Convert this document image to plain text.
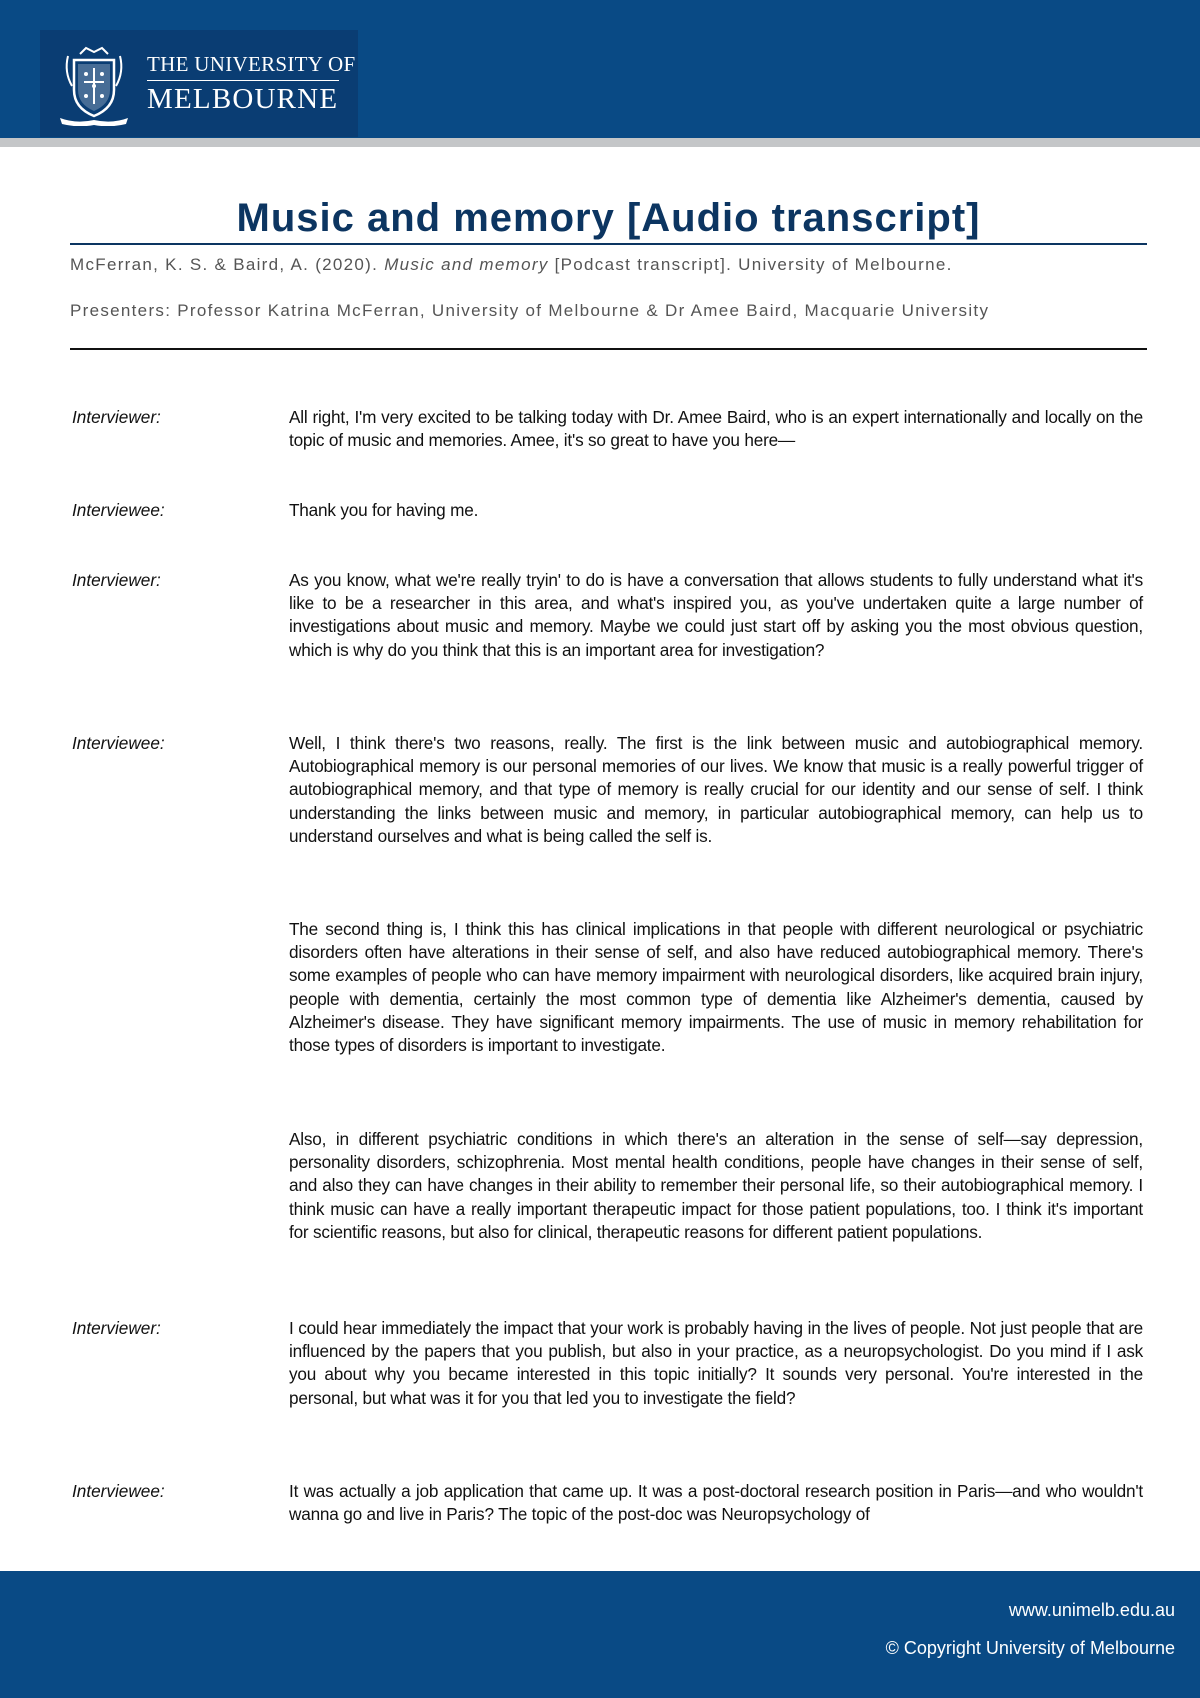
THE UNIVERSITY OF
MELBOURNE
Music and memory [Audio transcript]
McFerran, K. S. & Baird, A. (2020). Music and memory [Podcast transcript]. University of Melbourne.
Presenters: Professor Katrina McFerran, University of Melbourne & Dr Amee Baird, Macquarie University
Interviewer:	All right, I'm very excited to be talking today with Dr. Amee Baird, who is an expert internationally and locally on the topic of music and memories. Amee, it's so great to have you here—

Interviewee:	Thank you for having me.

Interviewer:	As you know, what we're really tryin' to do is have a conversation that allows students to fully understand what it's like to be a researcher in this area, and what's inspired you, as you've undertaken quite a large number of investigations about music and memory. Maybe we could just start off by asking you the most obvious question, which is why do you think that this is an important area for investigation?

Interviewee:	Well, I think there's two reasons, really. The first is the link between music and autobiographical memory. Autobiographical memory is our personal memories of our lives. We know that music is a really powerful trigger of autobiographical memory, and that type of memory is really crucial for our identity and our sense of self. I think understanding the links between music and memory, in particular autobiographical memory, can help us to understand ourselves and what is being called the self is.

The second thing is, I think this has clinical implications in that people with different neurological or psychiatric disorders often have alterations in their sense of self, and also have reduced autobiographical memory. There's some examples of people who can have memory impairment with neurological disorders, like acquired brain injury, people with dementia, certainly the most common type of dementia like Alzheimer's dementia, caused by Alzheimer's disease. They have significant memory impairments. The use of music in memory rehabilitation for those types of disorders is important to investigate.

Also, in different psychiatric conditions in which there's an alteration in the sense of self—say depression, personality disorders, schizophrenia. Most mental health conditions, people have changes in their sense of self, and also they can have changes in their ability to remember their personal life, so their autobiographical memory. I think music can have a really important therapeutic impact for those patient populations, too. I think it's important for scientific reasons, but also for clinical, therapeutic reasons for different patient populations.

Interviewer:	I could hear immediately the impact that your work is probably having in the lives of people. Not just people that are influenced by the papers that you publish, but also in your practice, as a neuropsychologist. Do you mind if I ask you about why you became interested in this topic initially? It sounds very personal. You're interested in the personal, but what was it for you that led you to investigate the field?

Interviewee:	It was actually a job application that came up. It was a post-doctoral research position in Paris—and who wouldn't wanna go and live in Paris? The topic of the post-doc was Neuropsychology of

www.unimelb.edu.au
© Copyright University of Melbourne
